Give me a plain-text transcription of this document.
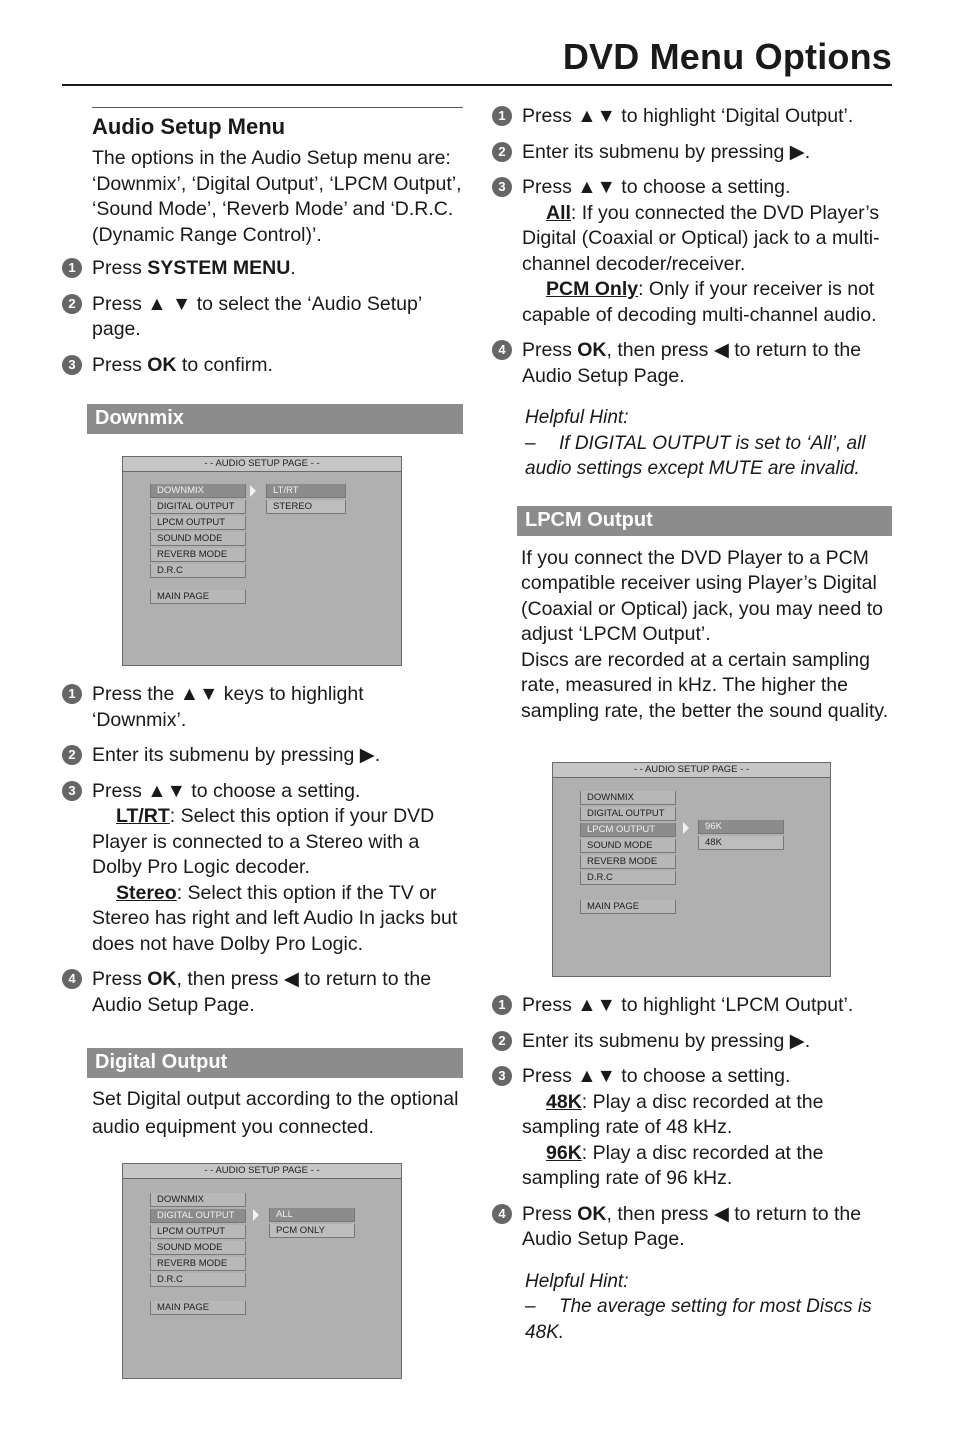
DVD Menu Options
Audio Setup Menu

The options in the Audio Setup menu are: ‘Downmix’, ‘Digital Output’, ‘LPCM Output’, ‘Sound Mode’, ‘Reverb Mode’ and ‘D.R.C. (Dynamic Range Control)’.

1 Press SYSTEM MENU.

2 Press ▲ ▼ to select the ‘Audio Setup’ page.

3 Press OK to confirm.

Downmix
- - AUDIO SETUP PAGE - -
DOWNMIX
DIGITAL OUTPUT
LPCM OUTPUT
SOUND MODE
REVERB MODE
D.R.C
MAIN PAGE
LT/RT
STEREO
1 Press the ▲▼ keys to highlight ‘Downmix’.

2 Enter its submenu by pressing ▶.

3 Press ▲▼ to choose a setting.

LT/RT: Select this option if your DVD Player is connected to a Stereo with a Dolby Pro Logic decoder.

Stereo: Select this option if the TV or Stereo has right and left Audio In jacks but does not have Dolby Pro Logic.

4 Press OK, then press ◀ to return to the Audio Setup Page.

Digital Output

Set Digital output according to the optional audio equipment you connected.

- - AUDIO SETUP PAGE - -
DOWNMIX
DIGITAL OUTPUT
LPCM OUTPUT
SOUND MODE
REVERB MODE
D.R.C
MAIN PAGE
ALL
PCM ONLY
1 Press ▲▼ to highlight ‘Digital Output’.

2 Enter its submenu by pressing ▶.

3 Press ▲▼ to choose a setting.

All: If you connected the DVD Player’s Digital (Coaxial or Optical) jack to a multi-channel decoder/receiver.

PCM Only: Only if your receiver is not capable of decoding multi-channel audio.

4 Press OK, then press ◀ to return to the Audio Setup Page.

Helpful Hint:
– If DIGITAL OUTPUT is set to ‘All’, all audio settings except MUTE are invalid.
LPCM Output

If you connect the DVD Player to a PCM compatible receiver using Player’s Digital (Coaxial or Optical) jack, you may need to adjust ‘LPCM Output’.

Discs are recorded at a certain sampling rate, measured in kHz. The higher the sampling rate, the better the sound quality.

- - AUDIO SETUP PAGE - -
DOWNMIX
DIGITAL OUTPUT
LPCM OUTPUT
SOUND MODE
REVERB MODE
D.R.C
MAIN PAGE
96K
48K
1 Press ▲▼ to highlight ‘LPCM Output’.

2 Enter its submenu by pressing ▶.

3 Press ▲▼ to choose a setting.

48K: Play a disc recorded at the sampling rate of 48 kHz.

96K: Play a disc recorded at the sampling rate of 96 kHz.

4 Press OK, then press ◀ to return to the Audio Setup Page.

Helpful Hint:
– The average setting for most Discs is 48K.
